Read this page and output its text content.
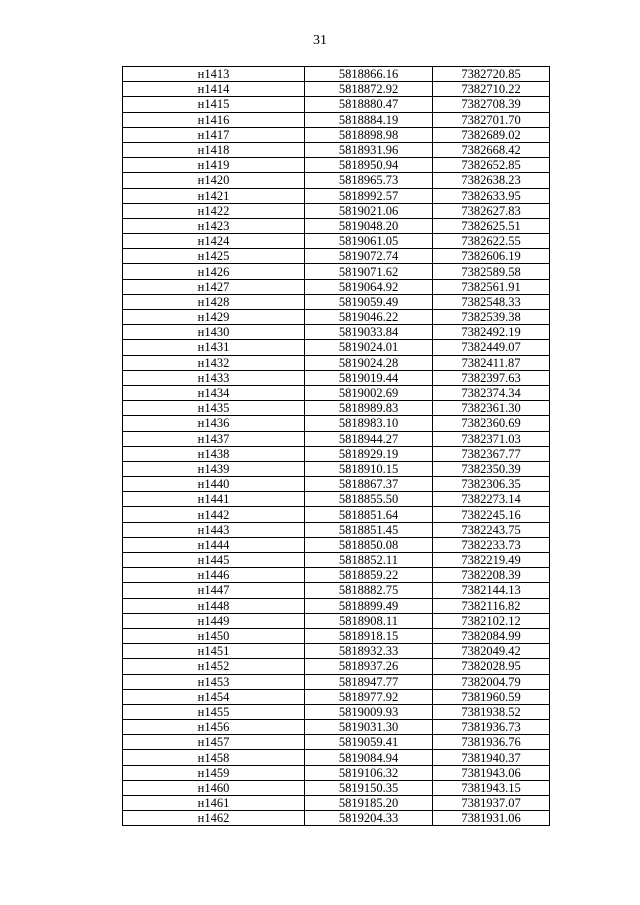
31
н1413	5818866.16	7382720.85
н1414	5818872.92	7382710.22
н1415	5818880.47	7382708.39
н1416	5818884.19	7382701.70
н1417	5818898.98	7382689.02
н1418	5818931.96	7382668.42
н1419	5818950.94	7382652.85
н1420	5818965.73	7382638.23
н1421	5818992.57	7382633.95
н1422	5819021.06	7382627.83
н1423	5819048.20	7382625.51
н1424	5819061.05	7382622.55
н1425	5819072.74	7382606.19
н1426	5819071.62	7382589.58
н1427	5819064.92	7382561.91
н1428	5819059.49	7382548.33
н1429	5819046.22	7382539.38
н1430	5819033.84	7382492.19
н1431	5819024.01	7382449.07
н1432	5819024.28	7382411.87
н1433	5819019.44	7382397.63
н1434	5819002.69	7382374.34
н1435	5818989.83	7382361.30
н1436	5818983.10	7382360.69
н1437	5818944.27	7382371.03
н1438	5818929.19	7382367.77
н1439	5818910.15	7382350.39
н1440	5818867.37	7382306.35
н1441	5818855.50	7382273.14
н1442	5818851.64	7382245.16
н1443	5818851.45	7382243.75
н1444	5818850.08	7382233.73
н1445	5818852.11	7382219.49
н1446	5818859.22	7382208.39
н1447	5818882.75	7382144.13
н1448	5818899.49	7382116.82
н1449	5818908.11	7382102.12
н1450	5818918.15	7382084.99
н1451	5818932.33	7382049.42
н1452	5818937.26	7382028.95
н1453	5818947.77	7382004.79
н1454	5818977.92	7381960.59
н1455	5819009.93	7381938.52
н1456	5819031.30	7381936.73
н1457	5819059.41	7381936.76
н1458	5819084.94	7381940.37
н1459	5819106.32	7381943.06
н1460	5819150.35	7381943.15
н1461	5819185.20	7381937.07
н1462	5819204.33	7381931.06
